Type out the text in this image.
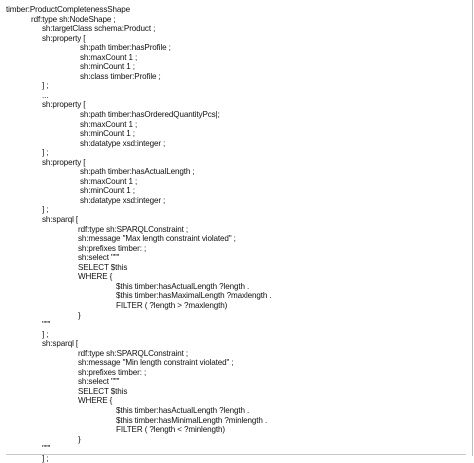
timber:ProductCompletenessShape
rdf:type sh:NodeShape ;
sh:targetClass schema:Product ;
sh:property [
sh:path timber:hasProfile ;
sh:maxCount 1 ;
sh:minCount 1 ;
sh:class timber:Profile ;
] ;
...
sh:property [
sh:path timber:hasOrderedQuantityPcs|;
sh:maxCount 1 ;
sh:minCount 1 ;
sh:datatype xsd:integer ;
] ;
sh:property [
sh:path timber:hasActualLength ;
sh:maxCount 1 ;
sh:minCount 1 ;
sh:datatype xsd:integer ;
] ;
sh:sparql [
rdf:type sh:SPARQLConstraint ;
sh:message "Max length constraint violated" ;
sh:prefixes timber: ;
sh:select """
SELECT $this
WHERE {
$this timber:hasActualLength ?length .
$this timber:hasMaximalLength ?maxlength .
FILTER ( ?length > ?maxlength)
}
"""
] ;
sh:sparql [
rdf:type sh:SPARQLConstraint ;
sh:message "Min length constraint violated" ;
sh:prefixes timber: ;
sh:select """
SELECT $this
WHERE {
$this timber:hasActualLength ?length .
$this timber:hasMinimalLength ?minlength .
FILTER ( ?length < ?minlength)
}
"""
] ;
